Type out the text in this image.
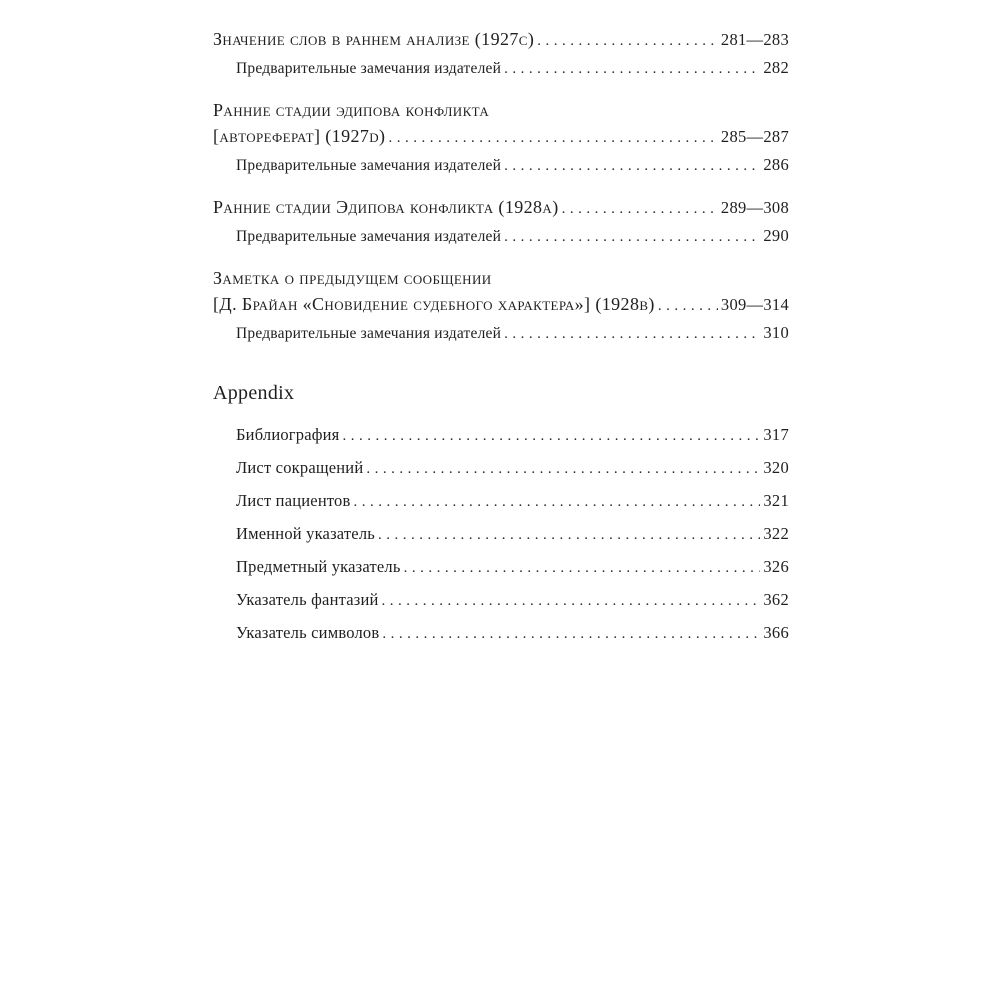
Значение слов в раннем анализе (1927c) .....	281—283
Предварительные замечания издателей .....	282
Ранние стадии эдипова конфликта
[автореферат] (1927d) .....	285—287
Предварительные замечания издателей .....	286
Ранние стадии Эдипова конфликта (1928a) .....	289—308
Предварительные замечания издателей .....	290
Заметка о предыдущем сообщении
[Д. Брайан «Сновидение судебного характера»] (1928b) .....	309—314
Предварительные замечания издателей .....	310
Appendix
Библиография .....	317
Лист сокращений .....	320
Лист пациентов .....	321
Именной указатель .....	322
Предметный указатель .....	326
Указатель фантазий .....	362
Указатель символов .....	366
